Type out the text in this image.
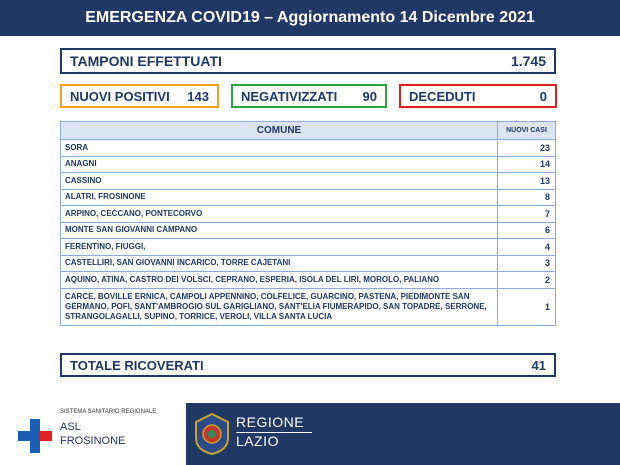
EMERGENZA COVID19 – Aggiornamento 14 Dicembre 2021
TAMPONI EFFETTUATI	1.745
NUOVI POSITIVI 143 NEGATIVIZZATI 90 DECEDUTI	0
COMUNE	NUOVI CASI
SORA	23
ANAGNI	14
CASSINO	13
ALATRI, FROSINONE	8
ARPINO, CECCANO, PONTECORVO	7
MONTE SAN GIOVANNI CAMPANO	6
FERENTINO, FIUGGI,	4
CASTELLIRI, SAN GIOVANNI INCARICO, TORRE CAJETANI	3
AQUINO, ATINA, CASTRO DEI VOLSCI, CEPRANO, ESPERIA, ISOLA DEL LIRI, MOROLO, PALIANO	2
CARCE, BOVILLE ERNICA, CAMPOLI APPENNINO, COLFELICE, GUARCINO, PASTENA, PIEDIMONTE SAN GERMANO, POFI, SANT'AMBROGIO SUL GARIGLIANO, SANT'ELIA FIUMERAPIDO, SAN TOPADRE, SERRONE, STRANGOLAGALLI, SUPINO, TORRICE, VEROLI, VILLA SANTA LUCIA	1
TOTALE RICOVERATI	41
SISTEMA SANITARIO REGIONALE
ASL
FROSINONE
REGIONE
LAZIO
